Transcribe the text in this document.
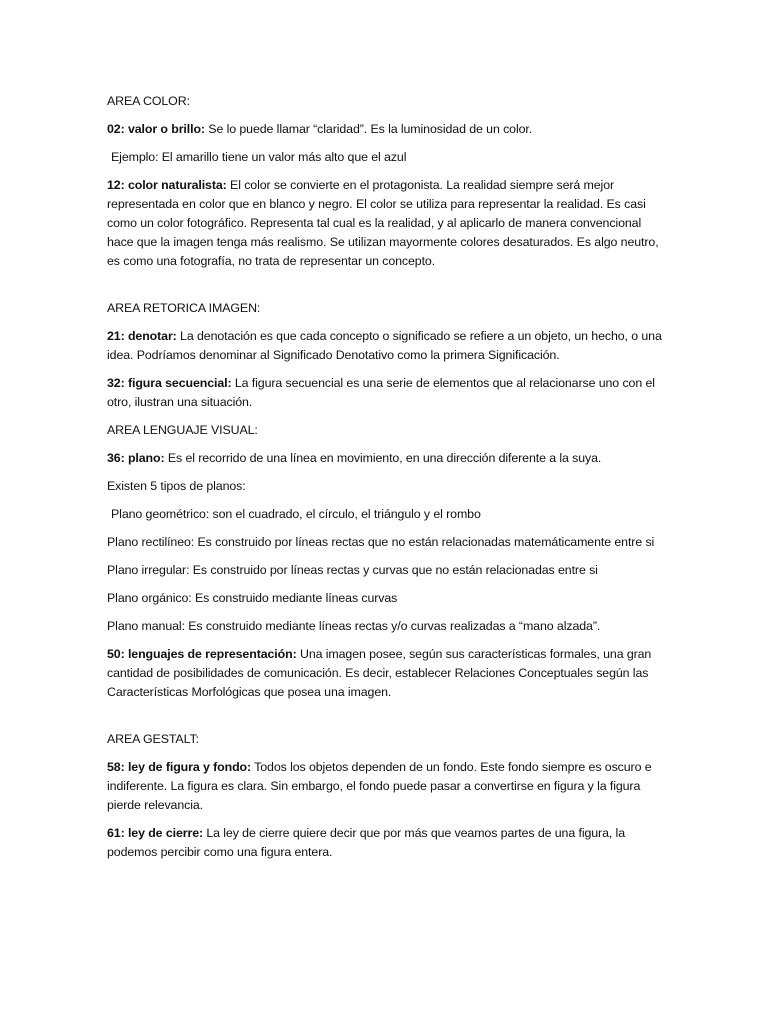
AREA COLOR:

02: valor o brillo: Se lo puede llamar “claridad”. Es la luminosidad de un color.

Ejemplo: El amarillo tiene un valor más alto que el azul

12: color naturalista: El color se convierte en el protagonista. La realidad siempre será mejor representada en color que en blanco y negro. El color se utiliza para representar la realidad. Es casi como un color fotográfico. Representa tal cual es la realidad, y al aplicarlo de manera convencional hace que la imagen tenga más realismo. Se utilizan mayormente colores desaturados. Es algo neutro, es como una fotografía, no trata de representar un concepto.

AREA RETORICA IMAGEN:

21: denotar: La denotación es que cada concepto o significado se refiere a un objeto, un hecho, o una idea. Podríamos denominar al Significado Denotativo como la primera Significación.

32: figura secuencial: La figura secuencial es una serie de elementos que al relacionarse uno con el otro, ilustran una situación.

AREA LENGUAJE VISUAL:

36: plano: Es el recorrido de una línea en movimiento, en una dirección diferente a la suya.

Existen 5 tipos de planos:

Plano geométrico: son el cuadrado, el círculo, el triángulo y el rombo

Plano rectilíneo: Es construido por líneas rectas que no están relacionadas matemáticamente entre si

Plano irregular: Es construido por líneas rectas y curvas que no están relacionadas entre si

Plano orgánico: Es construido mediante líneas curvas

Plano manual: Es construido mediante líneas rectas y/o curvas realizadas a “mano alzada”.

50: lenguajes de representación: Una imagen posee, según sus características formales, una gran cantidad de posibilidades de comunicación. Es decir, establecer Relaciones Conceptuales según las Características Morfológicas que posea una imagen.

AREA GESTALT:

58: ley de figura y fondo: Todos los objetos dependen de un fondo. Este fondo siempre es oscuro e indiferente. La figura es clara. Sin embargo, el fondo puede pasar a convertirse en figura y la figura pierde relevancia.

61: ley de cierre: La ley de cierre quiere decir que por más que veamos partes de una figura, la podemos percibir como una figura entera.
